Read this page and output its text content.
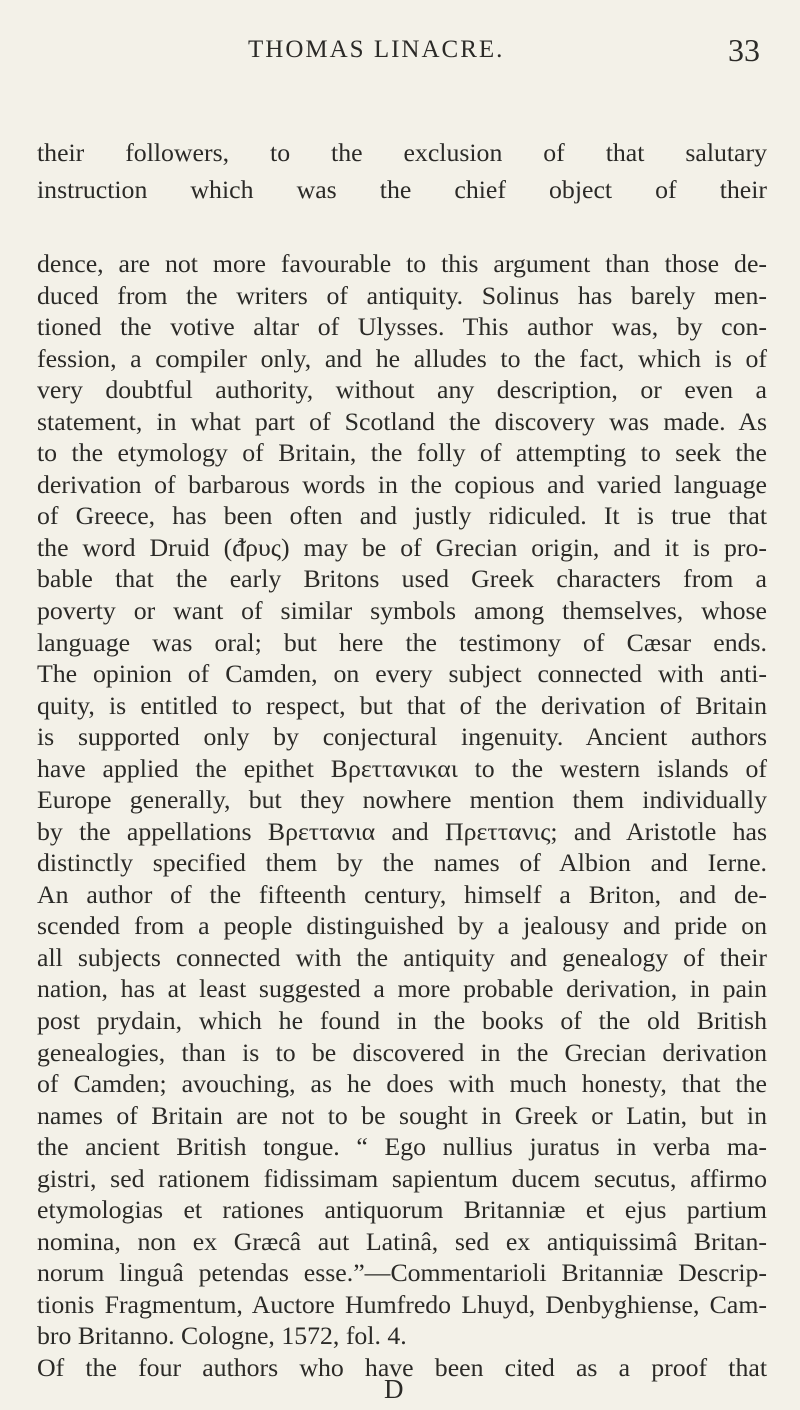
THOMAS LINACRE.	33
their followers, to the exclusion of that salutary
instruction which was the chief object of their
dence, are not more favourable to this argument than those de-
duced from the writers of antiquity. Solinus has barely men-
tioned the votive altar of Ulysses. This author was, by con-
fession, a compiler only, and he alludes to the fact, which is of
very doubtful authority, without any description, or even a
statement, in what part of Scotland the discovery was made. As
to the etymology of Britain, the folly of attempting to seek the
derivation of barbarous words in the copious and varied language
of Greece, has been often and justly ridiculed. It is true that
the word Druid (ᵭρυς) may be of Grecian origin, and it is pro-
bable that the early Britons used Greek characters from a
poverty or want of similar symbols among themselves, whose
language was oral; but here the testimony of Cæsar ends.
The opinion of Camden, on every subject connected with anti-
quity, is entitled to respect, but that of the derivation of Britain
is supported only by conjectural ingenuity. Ancient authors
have applied the epithet Βρεττανικαι to the western islands of
Europe generally, but they nowhere mention them individually
by the appellations Βρεττανια and Πρεττανις; and Aristotle has
distinctly specified them by the names of Albion and Ierne.
An author of the fifteenth century, himself a Briton, and de-
scended from a people distinguished by a jealousy and pride on
all subjects connected with the antiquity and genealogy of their
nation, has at least suggested a more probable derivation, in pain
post prydain, which he found in the books of the old British
genealogies, than is to be discovered in the Grecian derivation
of Camden; avouching, as he does with much honesty, that the
names of Britain are not to be sought in Greek or Latin, but in
the ancient British tongue. “ Ego nullius juratus in verba ma-
gistri, sed rationem fidissimam sapientum ducem secutus, affirmo
etymologias et rationes antiquorum Britanniæ et ejus partium
nomina, non ex Græcâ aut Latinâ, sed ex antiquissimâ Britan-
norum linguâ petendas esse.”—Commentarioli Britanniæ Descrip-
tionis Fragmentum, Auctore Humfredo Lhuyd, Denbyghiense, Cam-
bro Britanno. Cologne, 1572, fol. 4.
Of the four authors who have been cited as a proof that
D
